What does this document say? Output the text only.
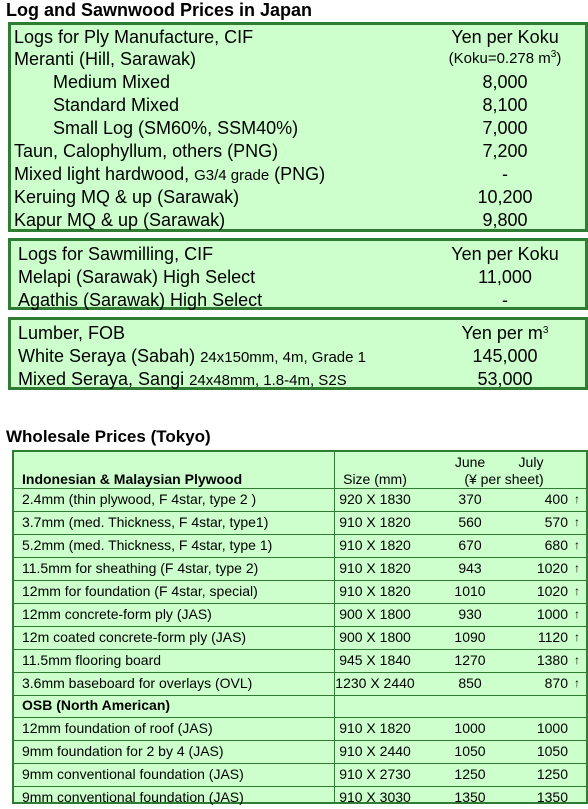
Log and Sawnwood Prices in Japan
Logs for Ply Manufacture, CIF	Yen per Koku
Meranti (Hill, Sarawak)	(Koku=0.278 $m^3$)
Medium Mixed	8,000
Standard Mixed	8,100
Small Log (SM60%, SSM40%)	7,000
Taun, Calophyllum, others (PNG)	7,200
Mixed light hardwood, G3/4 grade (PNG)	-
Keruing MQ & up (Sarawak)	10,200
Kapur MQ & up (Sarawak)	9,800
Logs for Sawmilling, CIF	Yen per Koku
Melapi (Sarawak) High Select	11,000
Agathis (Sarawak) High Select	-
Lumber, FOB	Yen per $m^3$
White Seraya (Sabah) 24x150mm, 4m, Grade 1	145,000
Mixed Seraya, Sangi 24x48mm, 1.8-4m, S2S	53,000
Wholesale Prices (Tokyo)
June	July
Indonesian & Malaysian Plywood	Size (mm)	(¥ per sheet)
2.4mm (thin plywood, F 4star, type 2 )	920 X 1830	370	400 ↑
3.7mm (med. Thickness, F 4star, type1)	910 X 1820	560	570 ↑
5.2mm (med. Thickness, F 4star, type 1)	910 X 1820	670	680 ↑
11.5mm for sheathing (F 4star, type 2)	910 X 1820	943	1020 ↑
12mm for foundation (F 4star, special)	910 X 1820	1010	1020 ↑
12mm concrete-form ply (JAS)	900 X 1800	930	1000 ↑
12m coated concrete-form ply (JAS)	900 X 1800	1090	1120 ↑
11.5mm flooring board	945 X 1840	1270	1380 ↑
3.6mm baseboard for overlays (OVL)	1230 X 2440	850	870 ↑
OSB (North American)
12mm foundation of roof (JAS)	910 X 1820	1000	1000
9mm foundation for 2 by 4 (JAS)	910 X 2440	1050	1050
9mm conventional foundation (JAS)	910 X 2730	1250	1250
9mm conventional foundation (JAS)	910 X 3030	1350	1350
